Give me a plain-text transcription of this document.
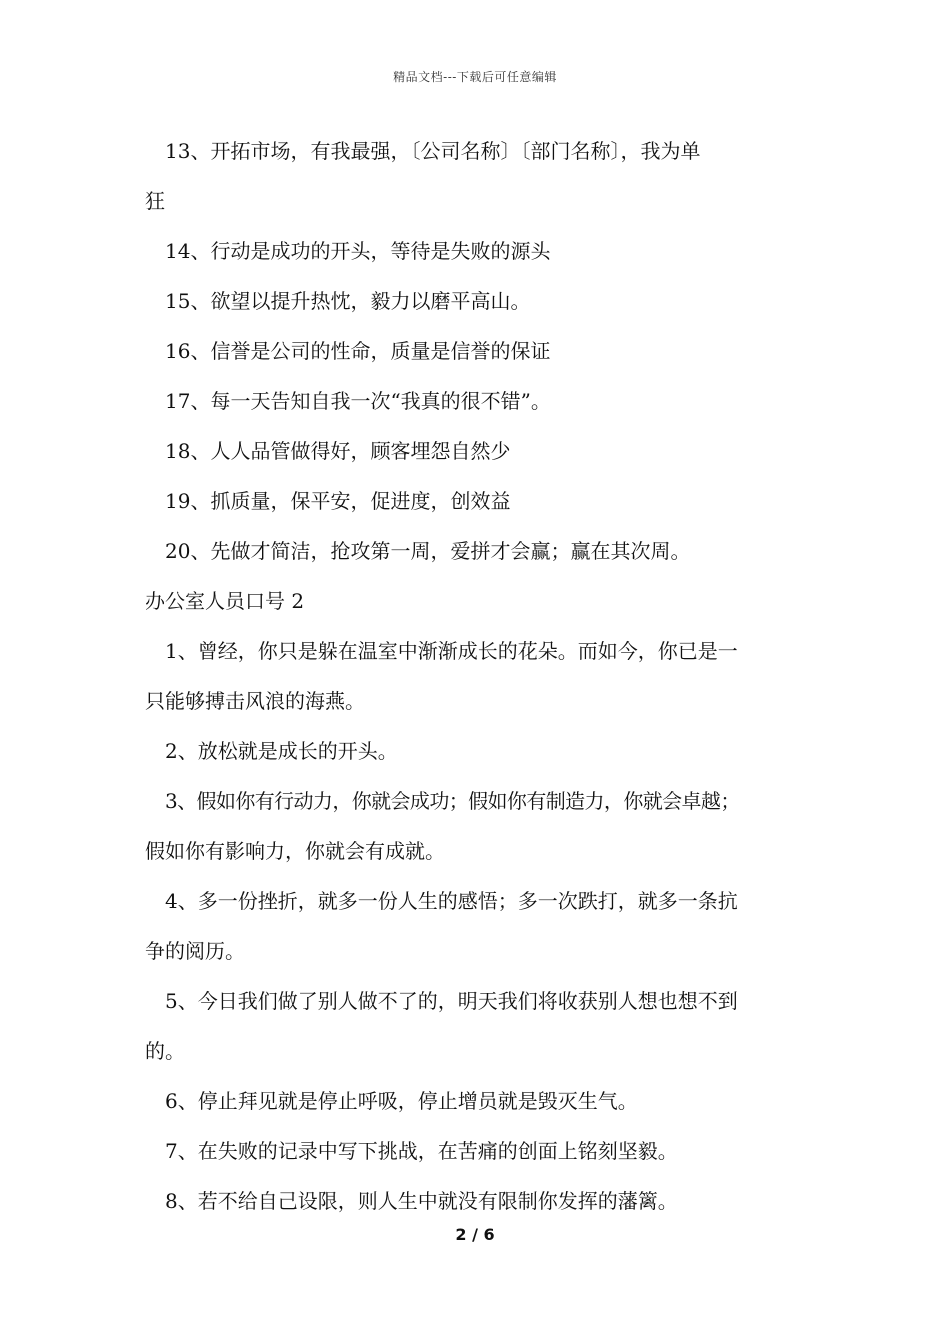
精品文档---下载后可任意编辑
13、开拓市场，有我最强，〔公司名称〕〔部门名称〕，我为单
狂
14、行动是成功的开头，等待是失败的源头
15、欲望以提升热忱，毅力以磨平高山。
16、信誉是公司的性命，质量是信誉的保证
17、每一天告知自我一次“我真的很不错”。
18、人人品管做得好，顾客埋怨自然少
19、抓质量，保平安，促进度，创效益
20、先做才简洁，抢攻第一周，爱拼才会赢；赢在其次周。
办公室人员口号 2
1、曾经，你只是躲在温室中渐渐成长的花朵。而如今，你已是一
只能够搏击风浪的海燕。
2、放松就是成长的开头。
3、假如你有行动力，你就会成功；假如你有制造力，你就会卓越；
假如你有影响力，你就会有成就。
4、多一份挫折，就多一份人生的感悟；多一次跌打，就多一条抗
争的阅历。
5、今日我们做了别人做不了的，明天我们将收获别人想也想不到
的。
6、停止拜见就是停止呼吸，停止增员就是毁灭生气。
7、在失败的记录中写下挑战，在苦痛的创面上铭刻坚毅。
8、若不给自己设限，则人生中就没有限制你发挥的藩篱。
2 / 6
